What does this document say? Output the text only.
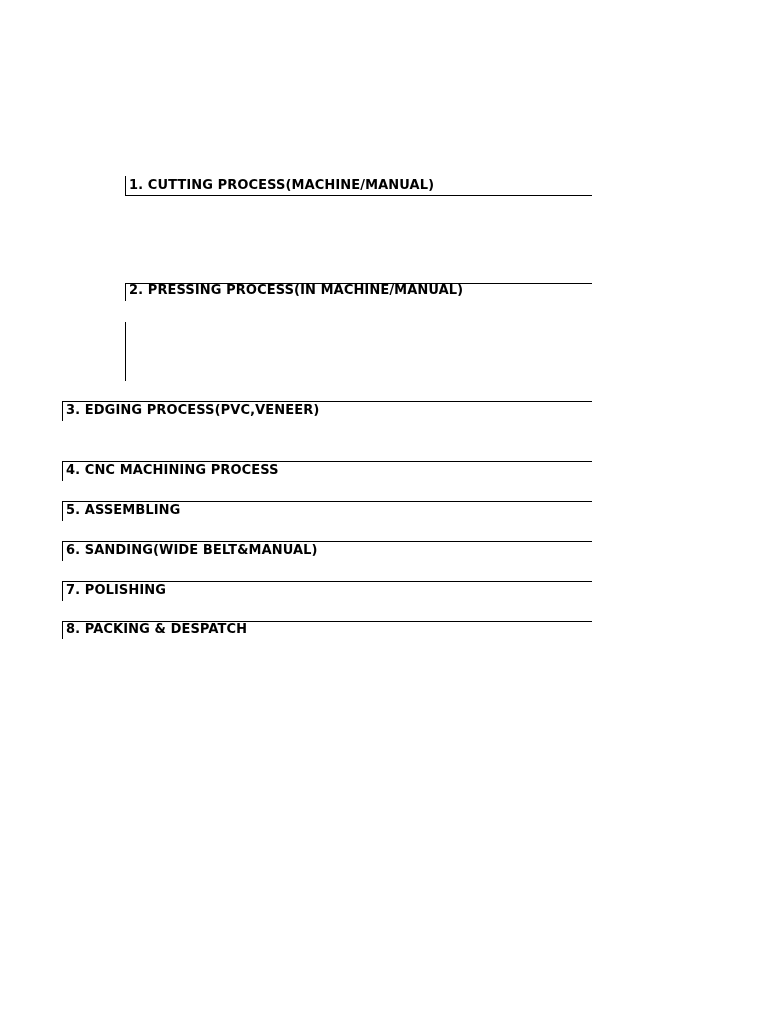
1. CUTTING PROCESS(MACHINE/MANUAL)
2. PRESSING PROCESS(IN MACHINE/MANUAL)
3. EDGING PROCESS(PVC,VENEER)
4. CNC MACHINING PROCESS
5. ASSEMBLING
6. SANDING(WIDE BELT&MANUAL)
7. POLISHING
8. PACKING & DESPATCH
